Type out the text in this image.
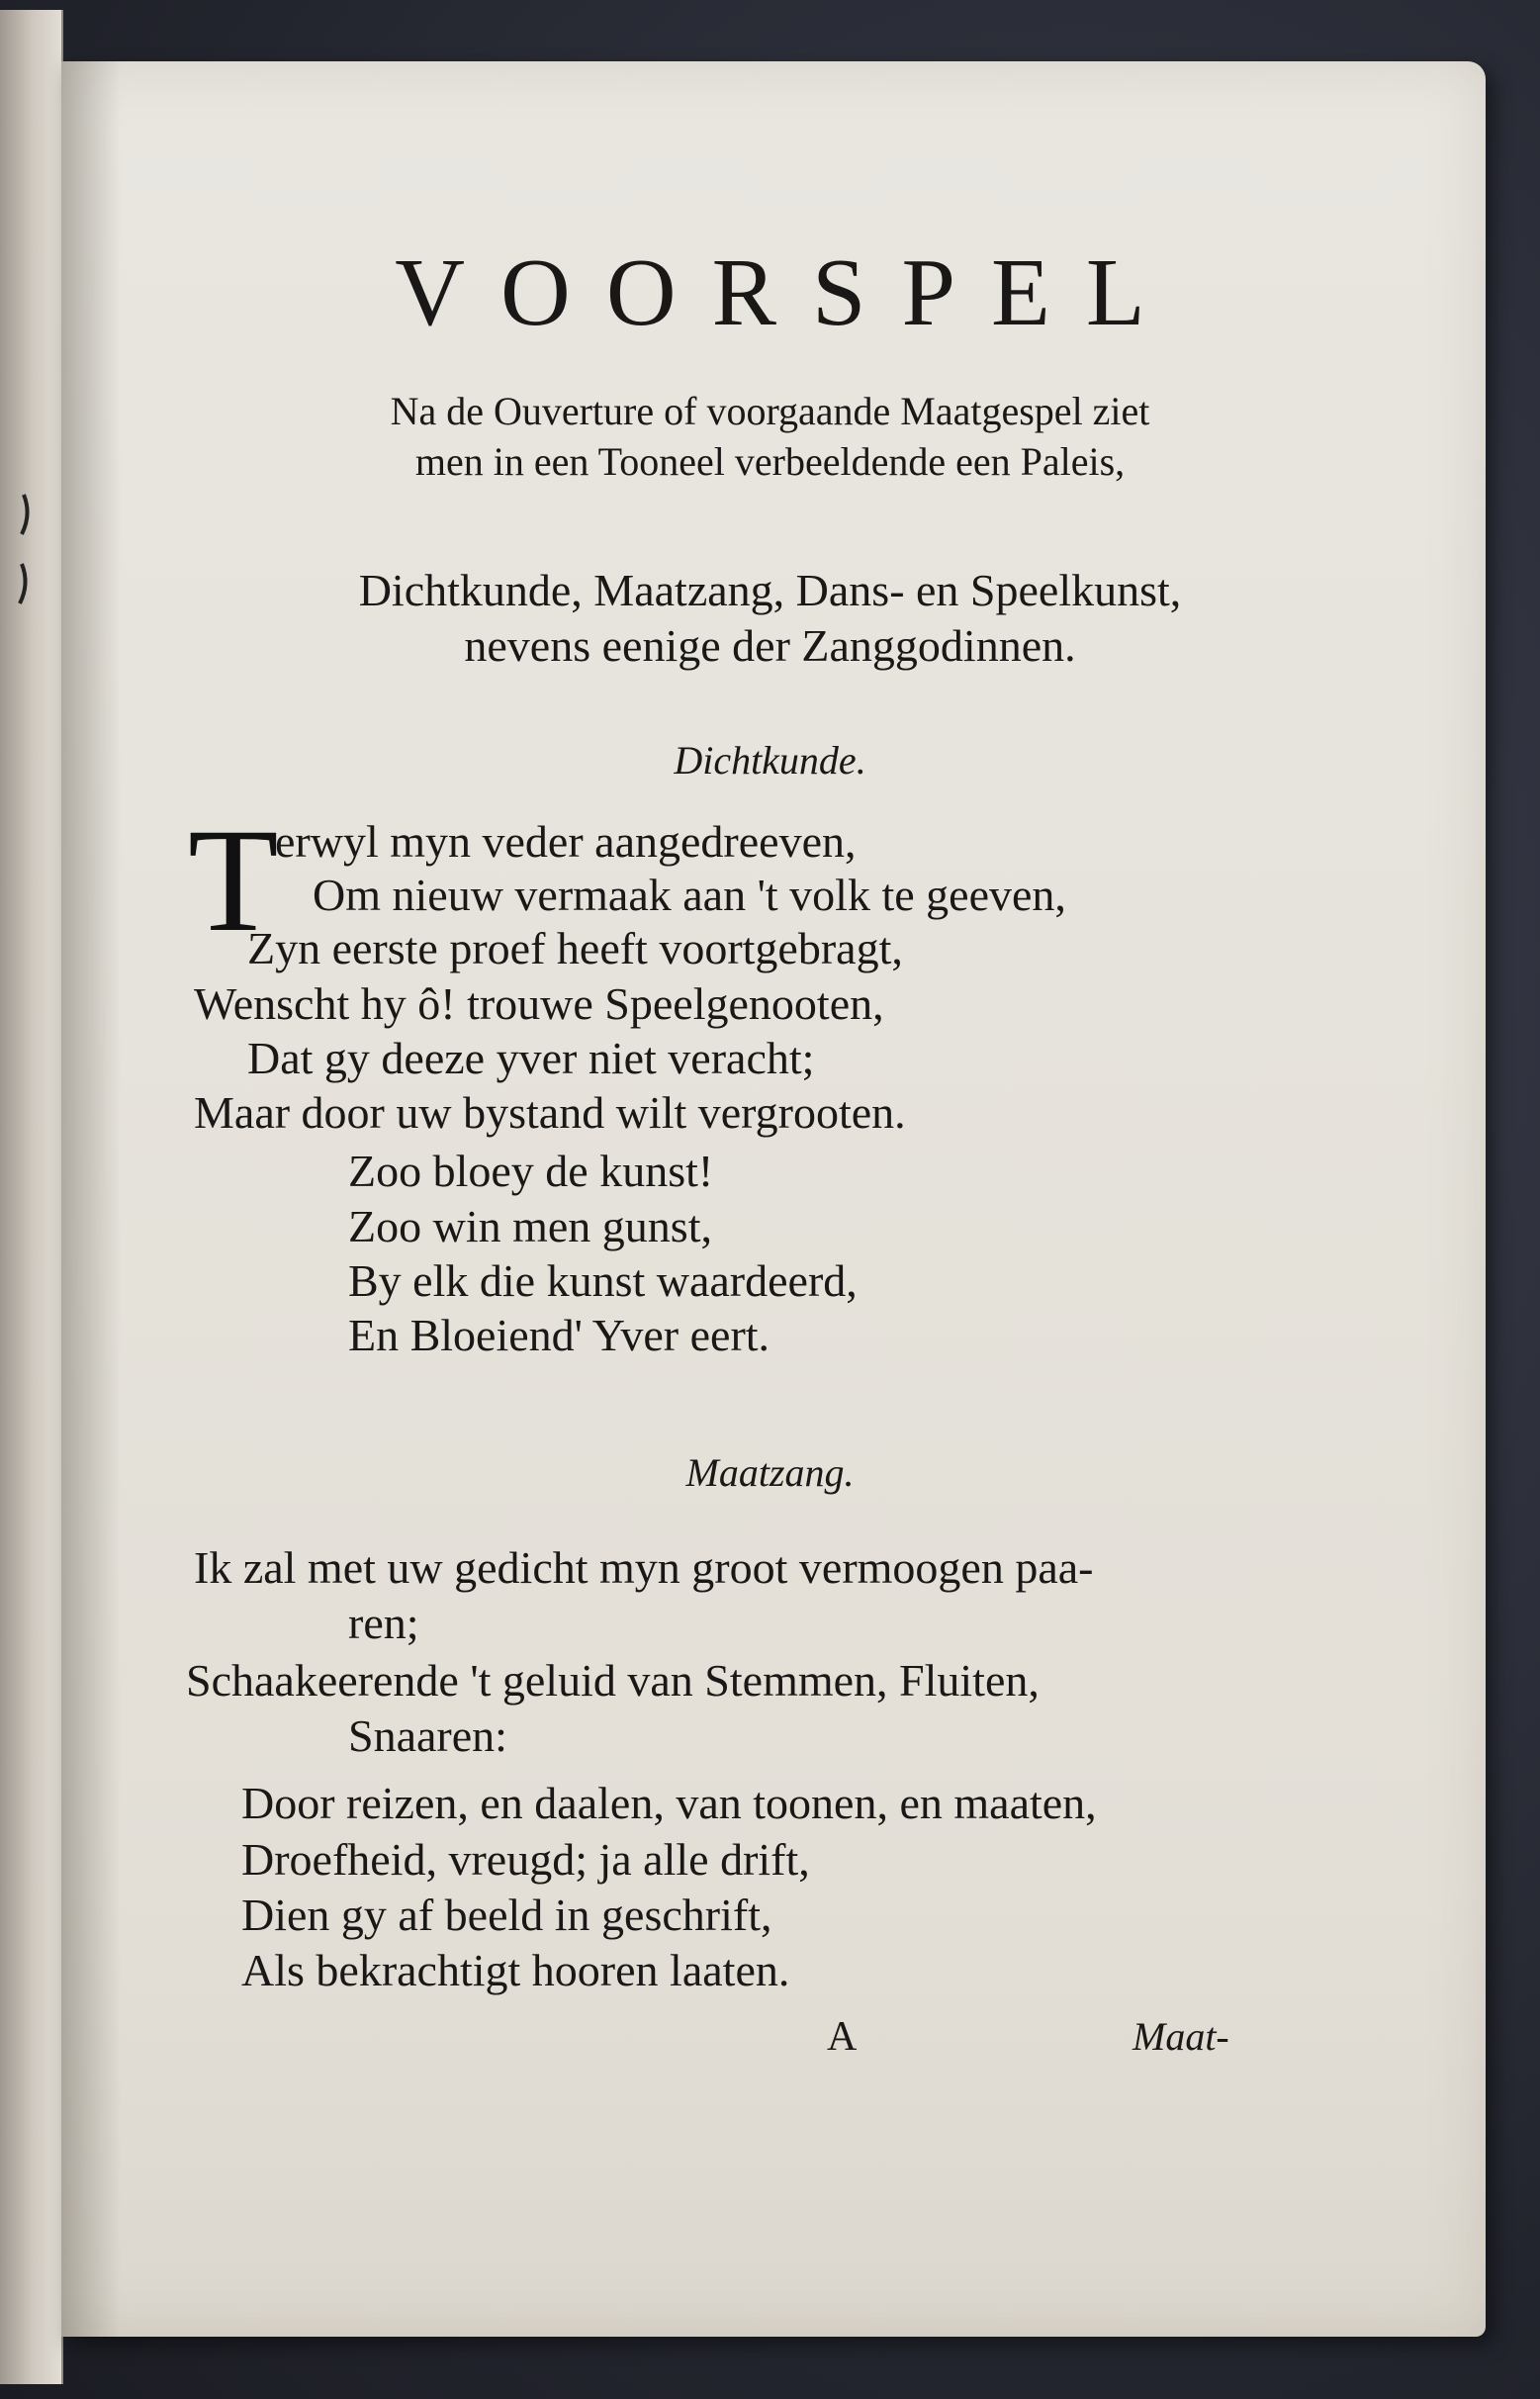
VOORSPEL
Na de Ouverture of voorgaande Maatgespel ziet
men in een Tooneel verbeeldende een Paleis,
Dichtkunde, Maatzang, Dans- en Speelkunst,
nevens eenige der Zanggodinnen.
Dichtkunde.
T
erwyl myn veder aangedreeven,
Om nieuw vermaak aan 't volk te geeven,
Zyn eerste proef heeft voortgebragt,
Wenscht hy ô! trouwe Speelgenooten,
Dat gy deeze yver niet veracht;
Maar door uw bystand wilt vergrooten.
Zoo bloey de kunst!
Zoo win men gunst,
By elk die kunst waardeerd,
En Bloeiend' Yver eert.
Maatzang.
Ik zal met uw gedicht myn groot vermoogen paa-
ren;
Schaakeerende 't geluid van Stemmen, Fluiten,
Snaaren:
Door reizen, en daalen, van toonen, en maaten,
Droefheid, vreugd; ja alle drift,
Dien gy af beeld in geschrift,
Als bekrachtigt hooren laaten.
A	Maat-
